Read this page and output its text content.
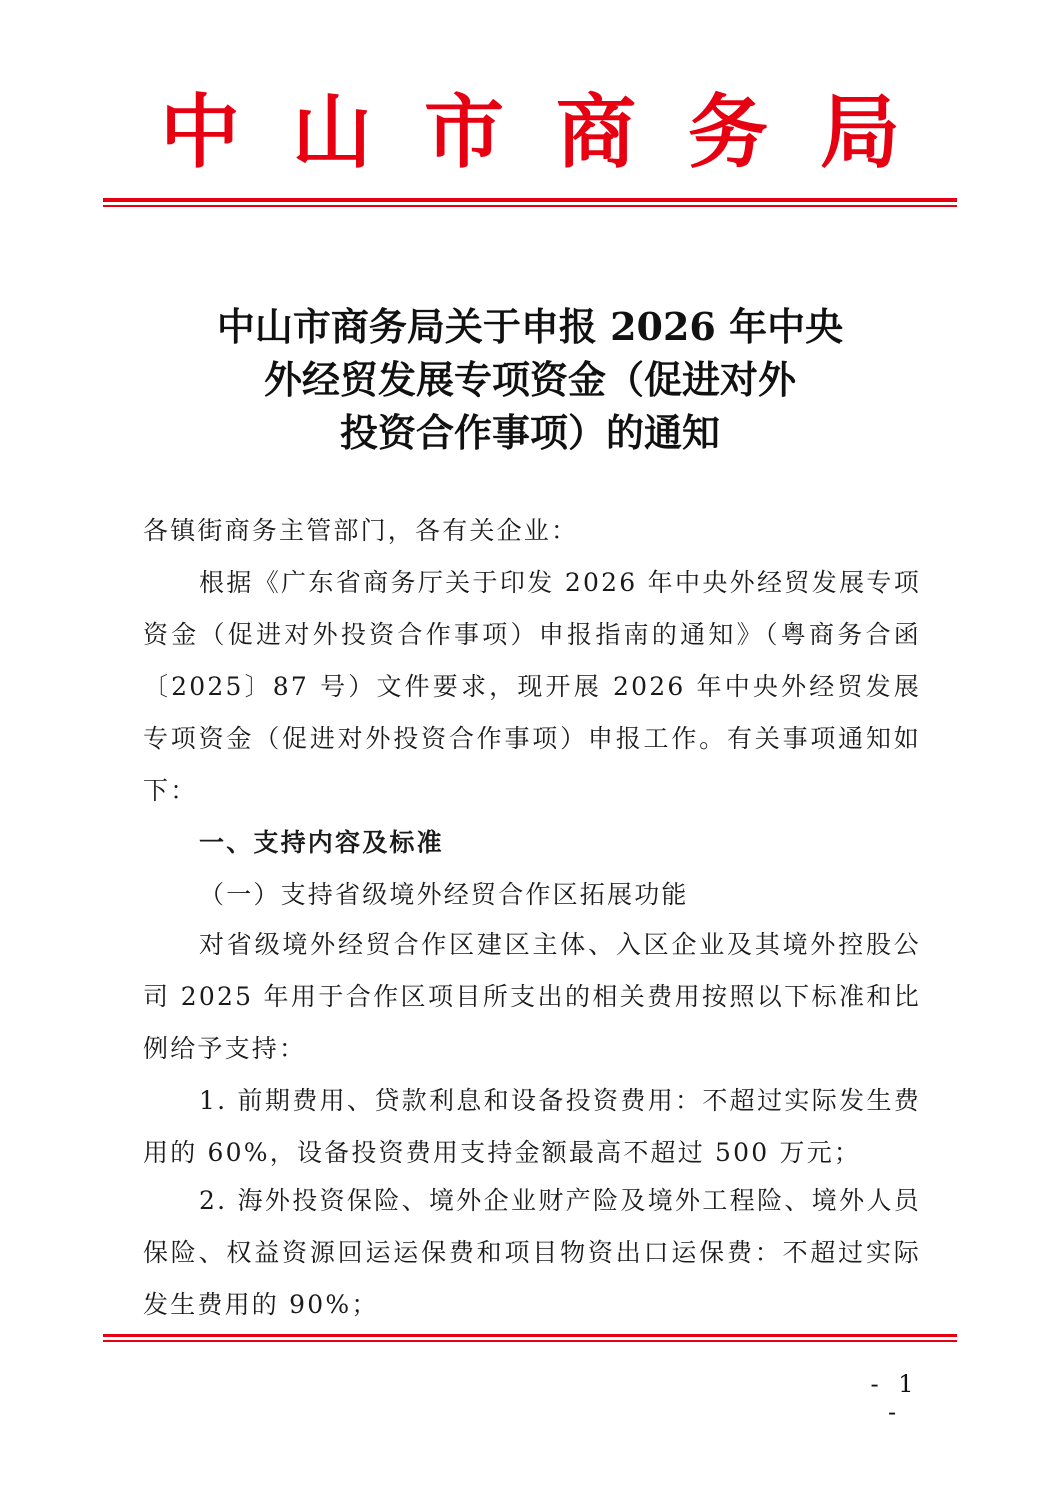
中 山 市 商 务 局
中山市商务局关于申报 2026 年中央
外经贸发展专项资金（促进对外
投资合作事项）的通知
各镇街商务主管部门，各有关企业：
根据《广东省商务厅关于印发 2026 年中央外经贸发展专项资金（促进对外投资合作事项）申报指南的通知》（粤商务合函〔2025〕87 号）文件要求，现开展 2026 年中央外经贸发展专项资金（促进对外投资合作事项）申报工作。有关事项通知如下：
一、支持内容及标准
（一）支持省级境外经贸合作区拓展功能
对省级境外经贸合作区建区主体、入区企业及其境外控股公司 2025 年用于合作区项目所支出的相关费用按照以下标准和比例给予支持：
1. 前期费用、贷款利息和设备投资费用：不超过实际发生费用的 60%，设备投资费用支持金额最高不超过 500 万元；
2. 海外投资保险、境外企业财产险及境外工程险、境外人员保险、权益资源回运运保费和项目物资出口运保费：不超过实际发生费用的 90%；
- 1 -
